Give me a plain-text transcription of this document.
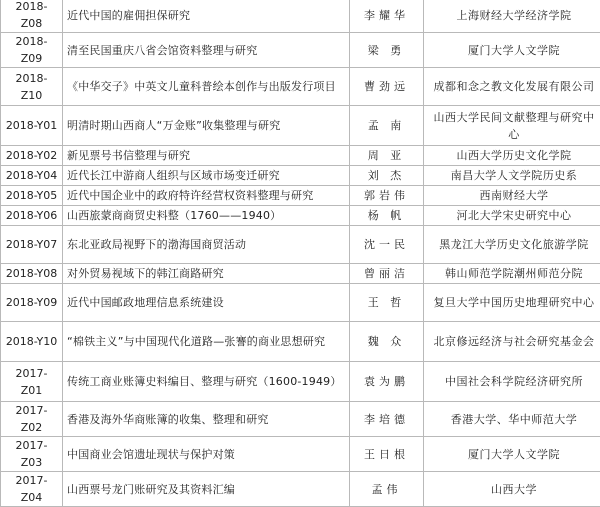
2018-Z08	近代中国的雇佣担保研究	李耀华	上海财经大学经济学院
2018-Z09	清至民国重庆八省会馆资料整理与研究	梁 勇	厦门大学人文学院
2018-Z10	《中华交子》中英文儿童科普绘本创作与出版发行项目	曹劲远	成都和念之教文化发展有限公司
2018-Y01	明清时期山西商人“万金账”收集整理与研究	孟 南	山西大学民间文献整理与研究中心
2018-Y02	新见票号书信整理与研究	周 亚	山西大学历史文化学院
2018-Y04	近代长江中游商人组织与区域市场变迁研究	刘 杰	南昌大学人文学院历史系
2018-Y05	近代中国企业中的政府特许经营权资料整理与研究	郭岩伟	西南财经大学
2018-Y06	山西旅蒙商商贸史料整（1760——1940）	杨 帆	河北大学宋史研究中心
2018-Y07	东北亚政局视野下的渤海国商贸活动	沈一民	黑龙江大学历史文化旅游学院
2018-Y08	对外贸易视域下的韩江商路研究	曾丽洁	韩山师范学院潮州师范分院
2018-Y09	近代中国邮政地理信息系统建设	王 哲	复旦大学中国历史地理研究中心
2018-Y10	“棉铁主义”与中国现代化道路—张謇的商业思想研究	魏 众	北京修远经济与社会研究基金会
2017-Z01	传统工商业账簿史料编目、整理与研究（1600-1949）	袁为鹏	中国社会科学院经济研究所
2017-Z02	香港及海外华商账簿的收集、整理和研究	李培德	香港大学、华中师范大学
2017-Z03	中国商业会馆遗址现状与保护对策	王日根	厦门大学人文学院
2017-Z04	山西票号龙门账研究及其资料汇编	孟伟	山西大学
